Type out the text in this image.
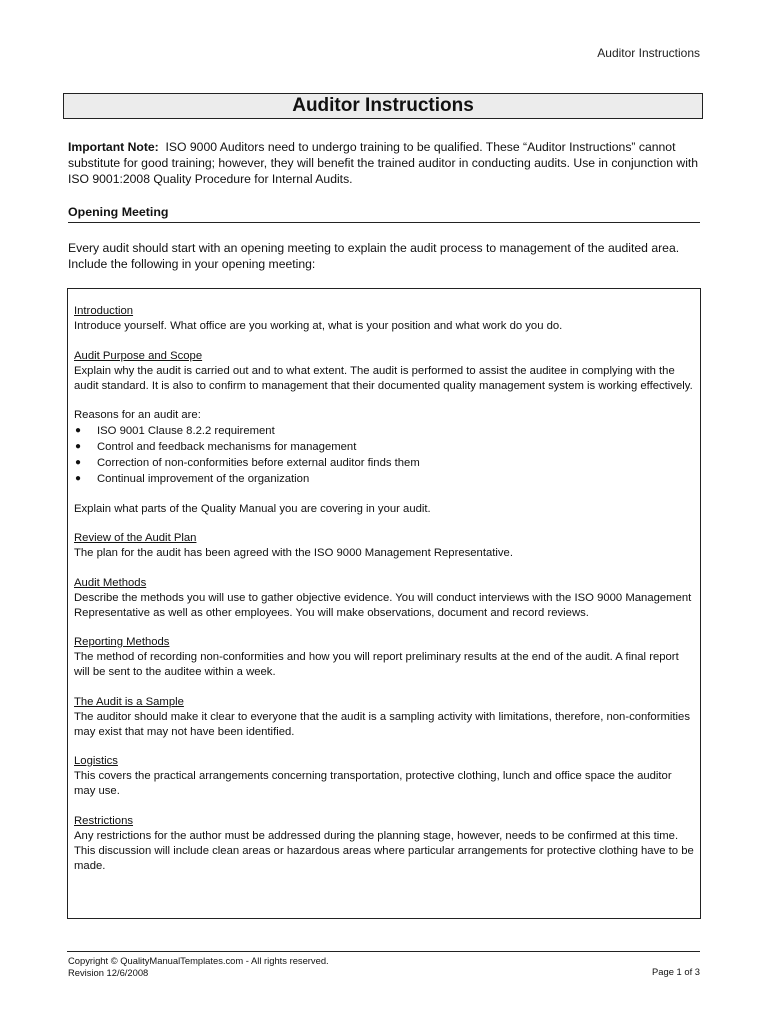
Auditor Instructions
Auditor Instructions

Important Note: ISO 9000 Auditors need to undergo training to be qualified. These “Auditor Instructions” cannot substitute for good training; however, they will benefit the trained auditor in conducting audits. Use in conjunction with ISO 9001:2008 Quality Procedure for Internal Audits.

Opening Meeting

Every audit should start with an opening meeting to explain the audit process to management of the audited area. Include the following in your opening meeting:

Introduction

Introduce yourself. What office are you working at, what is your position and what work do you do.

Audit Purpose and Scope

Explain why the audit is carried out and to what extent. The audit is performed to assist the auditee in complying with the audit standard. It is also to confirm to management that their documented quality management system is working effectively.

Reasons for an audit are:

● ISO 9001 Clause 8.2.2 requirement
● Control and feedback mechanisms for management
● Correction of non-conformities before external auditor finds them
● Continual improvement of the organization

Explain what parts of the Quality Manual you are covering in your audit.

Review of the Audit Plan

The plan for the audit has been agreed with the ISO 9000 Management Representative.

Audit Methods

Describe the methods you will use to gather objective evidence. You will conduct interviews with the ISO 9000 Management Representative as well as other employees. You will make observations, document and record reviews.

Reporting Methods

The method of recording non-conformities and how you will report preliminary results at the end of the audit. A final report will be sent to the auditee within a week.

The Audit is a Sample

The auditor should make it clear to everyone that the audit is a sampling activity with limitations, therefore, non-conformities may exist that may not have been identified.

Logistics

This covers the practical arrangements concerning transportation, protective clothing, lunch and office space the auditor may use.

Restrictions

Any restrictions for the author must be addressed during the planning stage, however, needs to be confirmed at this time. This discussion will include clean areas or hazardous areas where particular arrangements for protective clothing have to be made.

Copyright © QualityManualTemplates.com - All rights reserved.
Revision 12/6/2008	Page 1 of 3
